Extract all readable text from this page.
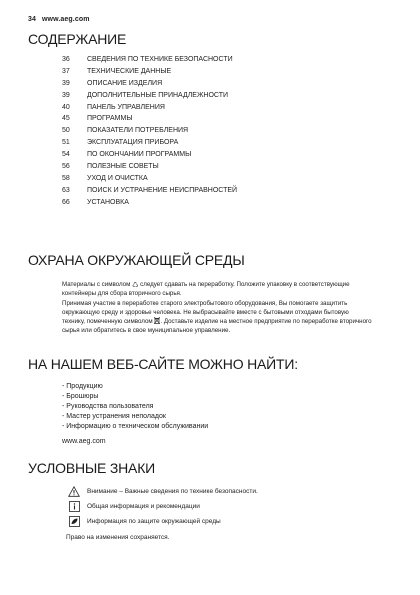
34 www.aeg.com
СОДЕРЖАНИЕ
36	СВЕДЕНИЯ ПО ТЕХНИКЕ БЕЗОПАСНОСТИ
37	ТЕХНИЧЕСКИЕ ДАННЫЕ
39	ОПИСАНИЕ ИЗДЕЛИЯ
39	ДОПОЛНИТЕЛЬНЫЕ ПРИНАДЛЕЖНОСТИ
40	ПАНЕЛЬ УПРАВЛЕНИЯ
45	ПРОГРАММЫ
50	ПОКАЗАТЕЛИ ПОТРЕБЛЕНИЯ
51	ЭКСПЛУАТАЦИЯ ПРИБОРА
54	ПО ОКОНЧАНИИ ПРОГРАММЫ
56	ПОЛЕЗНЫЕ СОВЕТЫ
58	УХОД И ОЧИСТКА
63	ПОИСК И УСТРАНЕНИЕ НЕИСПРАВНОСТЕЙ
66	УСТАНОВКА
ОХРАНА ОКРУЖАЮЩЕЙ СРЕДЫ

Материалы с символом ♺ следует сдавать на переработку. Положите упаковку в соответствующие контейнеры для сбора вторичного сырья.

Принимая участие в переработке старого электробытового оборудования, Вы помогаете защитить окружающую среду и здоровье человека. Не выбрасывайте вместе с бытовыми отходами бытовую технику, помеченную символом . Доставьте изделие на местное предприятие по переработке вторичного сырья или обратитесь в свое муниципальное управление.

НА НАШЕМ ВЕБ-САЙТЕ МОЖНО НАЙТИ:
- Продукцию
- Брошюры
- Руководства пользователя
- Мастер устранения неполадок
- Информацию о техническом обслуживании
www.aeg.com
УСЛОВНЫЕ ЗНАКИ
Внимание – Важные сведения по технике безопасности.
Общая информация и рекомендации
Информация по защите окружающей среды
Право на изменения сохраняется.
